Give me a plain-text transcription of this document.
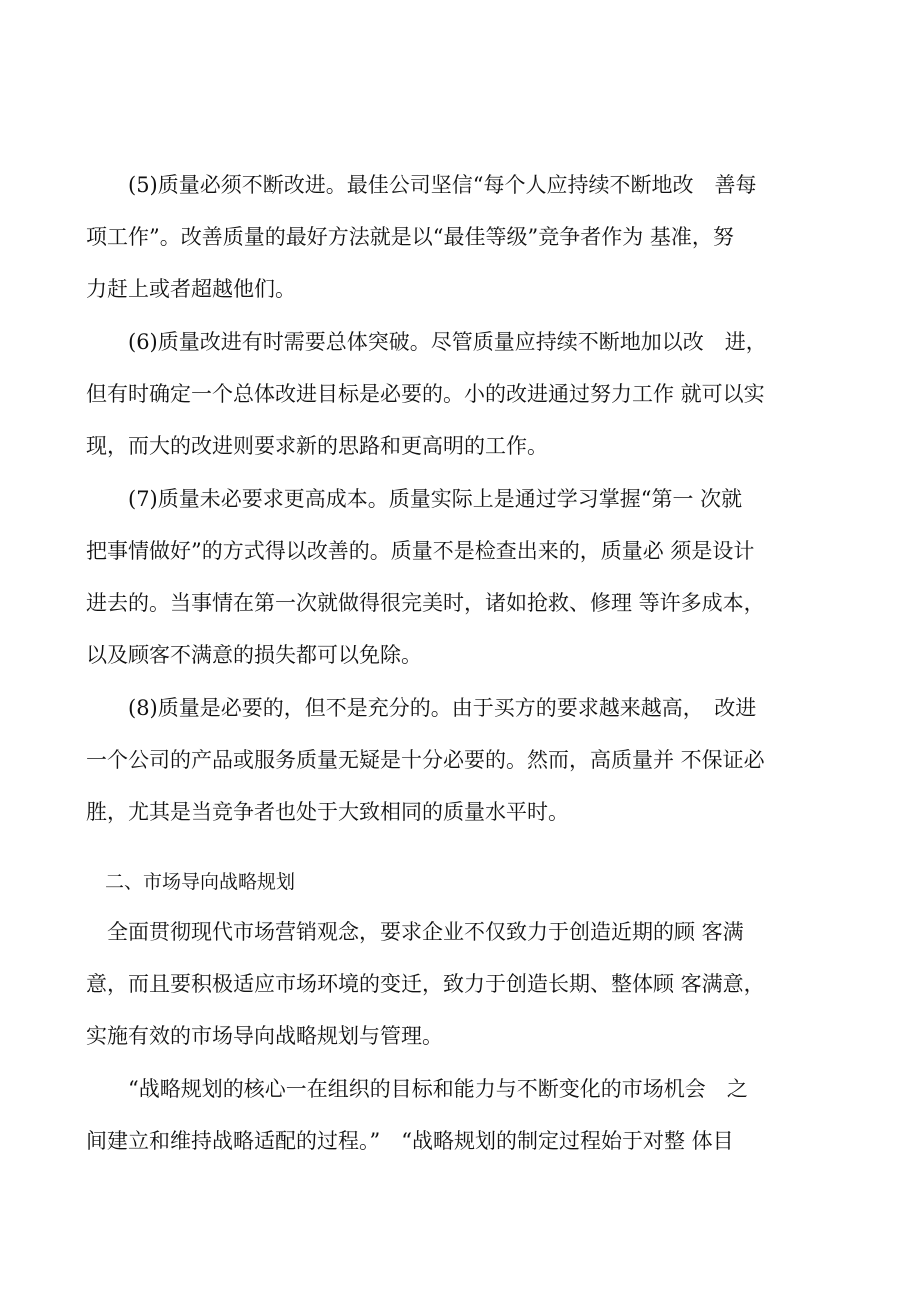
　　(5)质量必须不断改进。最佳公司坚信“每个人应持续不断地改　善每
项工作”。改善质量的最好方法就是以“最佳等级”竞争者作为 基准，努
力赶上或者超越他们。
　　(6)质量改进有时需要总体突破。尽管质量应持续不断地加以改　进，
但有时确定一个总体改进目标是必要的。小的改进通过努力工作 就可以实
现，而大的改进则要求新的思路和更高明的工作。
　　(7)质量未必要求更高成本。质量实际上是通过学习掌握“第一 次就
把事情做好”的方式得以改善的。质量不是检查出来的，质量必 须是设计
进去的。当事情在第一次就做得很完美时，诸如抢救、修理 等许多成本，
以及顾客不满意的损失都可以免除。
　　(8)质量是必要的，但不是充分的。由于买方的要求越来越高，　改进
一个公司的产品或服务质量无疑是十分必要的。然而，高质量并 不保证必
胜，尤其是当竞争者也处于大致相同的质量水平时。
　二、市场导向战略规划
　全面贯彻现代市场营销观念，要求企业不仅致力于创造近期的顾 客满
意，而且要积极适应市场环境的变迁，致力于创造长期、整体顾 客满意，
实施有效的市场导向战略规划与管理。
　　“战略规划的核心一在组织的目标和能力与不断变化的市场机会　之
间建立和维持战略适配的过程。”　“战略规划的制定过程始于对整 体目
